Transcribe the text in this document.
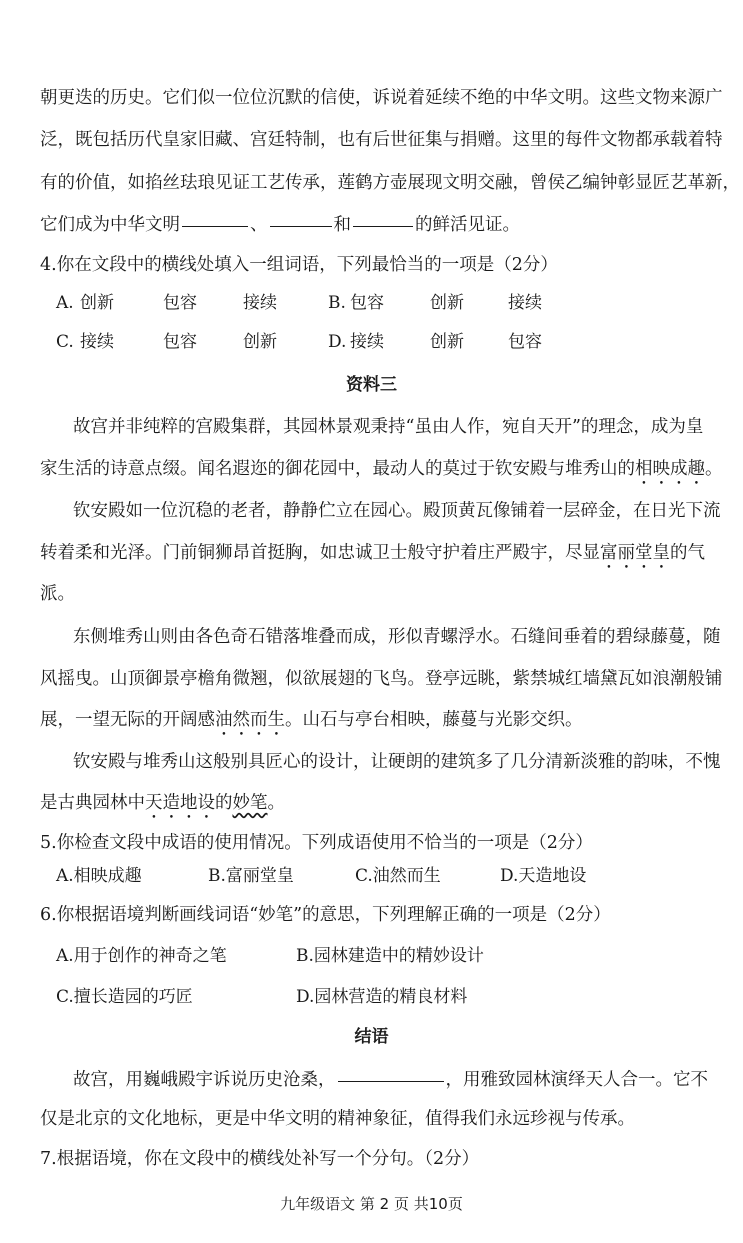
朝更迭的历史。它们似一位位沉默的信使，诉说着延续不绝的中华文明。这些文物来源广
泛，既包括历代皇家旧藏、宫廷特制，也有后世征集与捐赠。这里的每件文物都承载着特
有的价值，如掐丝珐琅见证工艺传承，莲鹤方壶展现文明交融，曾侯乙编钟彰显匠艺革新，
它们成为中华文明	、	和	的鲜活见证。
4.你在文段中的横线处填入一组词语，下列最恰当的一项是（2分）
A. 创新	包容	接续	B. 包容	创新	接续
C. 接续	包容	创新	D. 接续	创新	包容
资料三
故宫并非纯粹的宫殿集群，其园林景观秉持“虽由人作，宛自天开”的理念，成为皇
家生活的诗意点缀。闻名遐迩的御花园中，最动人的莫过于钦安殿与堆秀山的相映成趣。
钦安殿如一位沉稳的老者，静静伫立在园心。殿顶黄瓦像铺着一层碎金，在日光下流
转着柔和光泽。门前铜狮昂首挺胸，如忠诚卫士般守护着庄严殿宇，尽显富丽堂皇的气
派。
东侧堆秀山则由各色奇石错落堆叠而成，形似青螺浮水。石缝间垂着的碧绿藤蔓，随
风摇曳。山顶御景亭檐角微翘，似欲展翅的飞鸟。登亭远眺，紫禁城红墙黛瓦如浪潮般铺
展，一望无际的开阔感油然而生。山石与亭台相映，藤蔓与光影交织。
钦安殿与堆秀山这般别具匠心的设计，让硬朗的建筑多了几分清新淡雅的韵味，不愧
是古典园林中天造地设的妙笔。
5.你检查文段中成语的使用情况。下列成语使用不恰当的一项是（2分）
A.相映成趣	B.富丽堂皇	C.油然而生	D.天造地设
6.你根据语境判断画线词语“妙笔”的意思，下列理解正确的一项是（2分）
A.用于创作的神奇之笔	B.园林建造中的精妙设计
C.擅长造园的巧匠	D.园林营造的精良材料
结语
故宫，用巍峨殿宇诉说历史沧桑，	，用雅致园林演绎天人合一。它不
仅是北京的文化地标，更是中华文明的精神象征，值得我们永远珍视与传承。
7.根据语境，你在文段中的横线处补写一个分句。（2分）
九年级语文 第 2 页 共10页
